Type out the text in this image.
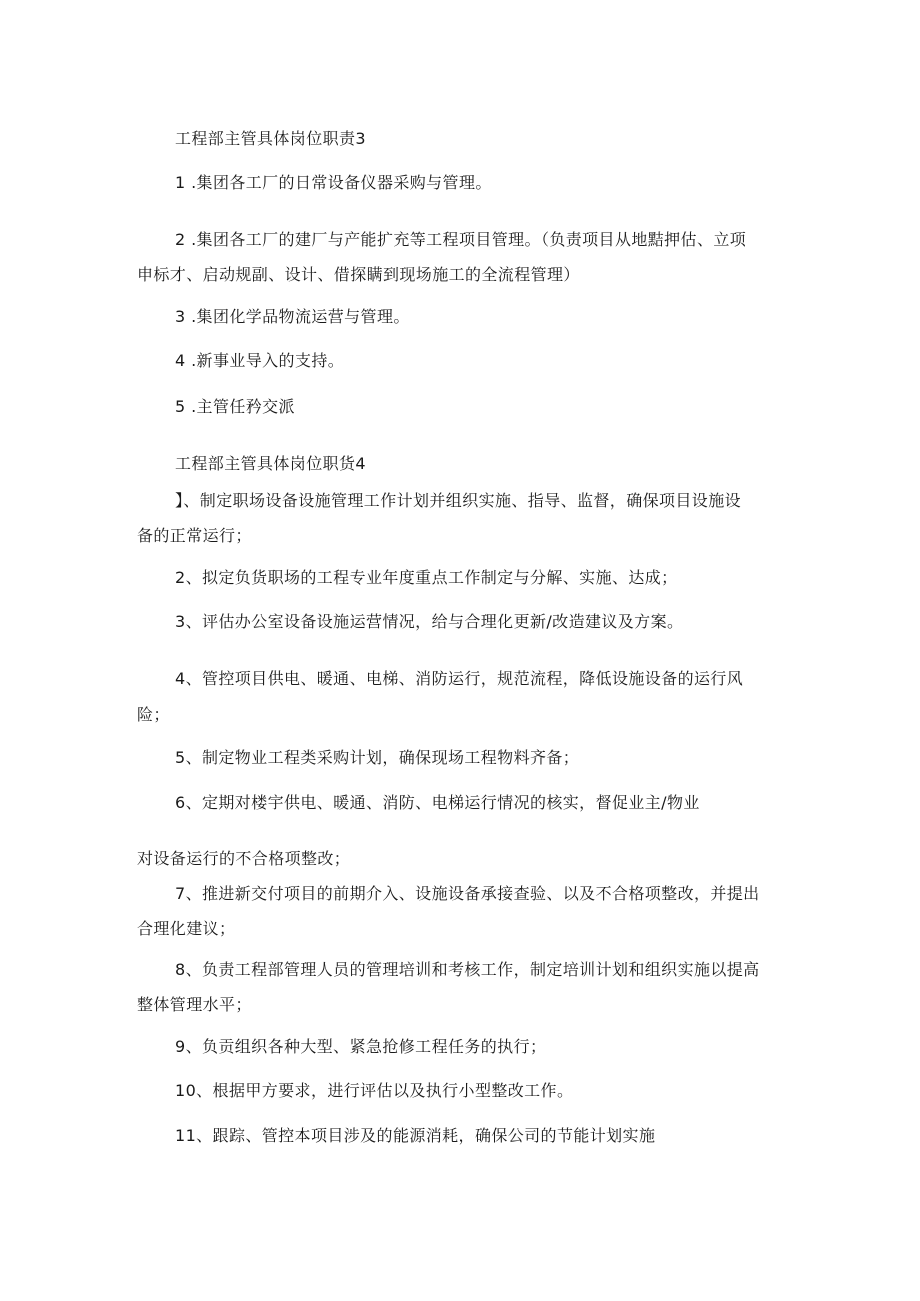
工程部主管具体岗位职责3
1 .集团各工厂的日常设备仪器采购与管理。
2 .集团各工厂的建厂与产能扩充等工程项目管理。（负责项目从地黠押估、立项
申标才、启动规副、设计、借探瞒到现场施工的全流程管理）
3 .集团化学品物流运营与管理。
4 .新事业导入的支持。
5 .主管任矜交派
工程部主管具体岗位职货4
】、制定职场设备设施管理工作计划并组织实施、指导、监督，确保项目设施设
备的正常运行；
2、拟定负货职场的工程专业年度重点工作制定与分解、实施、达成；
3、评估办公室设备设施运营情况，给与合理化更新/改造建议及方案。
4、管控项目供电、暖通、电梯、消防运行，规范流程，降低设施设备的运行风
险；
5、制定物业工程类采购计划，确保现场工程物料齐备；
6、定期对楼宇供电、暖通、消防、电梯运行情况的核实，督促业主/物业
对设备运行的不合格项整改；
7、推进新交付项目的前期介入、设施设备承接查验、以及不合格项整改，并提出
合理化建议；
8、负责工程部管理人员的管理培训和考核工作，制定培训计划和组织实施以提高
整体管理水平；
9、负贡组织各种大型、紧急抢修工程任务的执行；
10、根据甲方要求，进行评估以及执行小型整改工作。
11、跟踪、管控本项目涉及的能源消耗，确保公司的节能计划实施
